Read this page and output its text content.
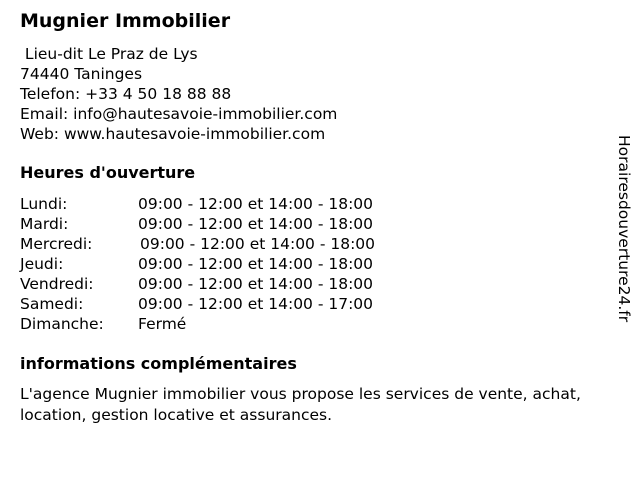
Mugnier Immobilier
Lieu-dit Le Praz de Lys
74440 Taninges
Telefon: +33 4 50 18 88 88
Email: info@hautesavoie-immobilier.com
Web: www.hautesavoie-immobilier.com
Heures d'ouverture
Lundi:	09:00 - 12:00 et 14:00 - 18:00
Mardi:	09:00 - 12:00 et 14:00 - 18:00
Mercredi:	09:00 - 12:00 et 14:00 - 18:00
Jeudi:	09:00 - 12:00 et 14:00 - 18:00
Vendredi:	09:00 - 12:00 et 14:00 - 18:00
Samedi:	09:00 - 12:00 et 14:00 - 17:00
Dimanche:	Fermé
informations complémentaires
L'agence Mugnier immobilier vous propose les services de vente, achat, location, gestion locative et assurances.
Horairesdouverture24.fr
